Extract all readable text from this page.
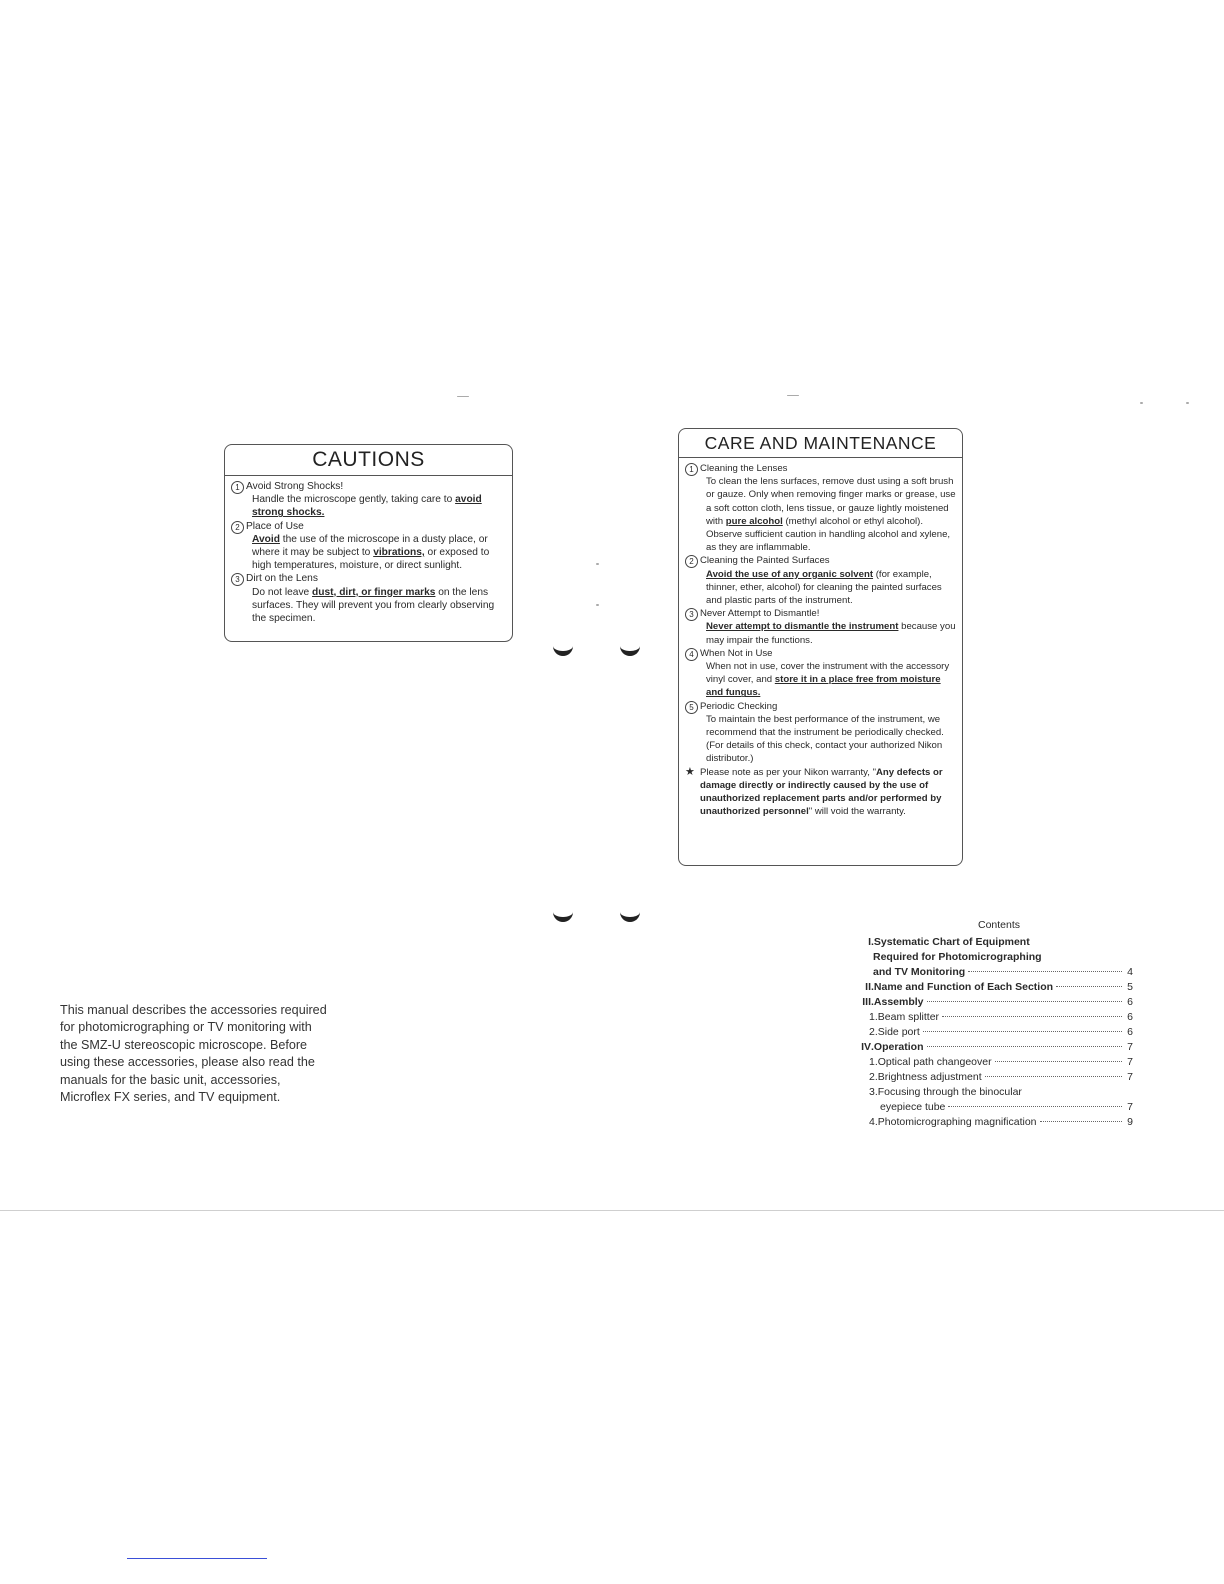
CAUTIONS
1 Avoid Strong Shocks!
Handle the microscope gently, taking care to avoid strong shocks.
2 Place of Use
Avoid the use of the microscope in a dusty place, or where it may be subject to vibrations, or exposed to high temperatures, moisture, or direct sunlight.
3 Dirt on the Lens
Do not leave dust, dirt, or finger marks on the lens surfaces. They will prevent you from clearly observing the specimen.
CARE AND MAINTENANCE
1 Cleaning the Lenses
To clean the lens surfaces, remove dust using a soft brush or gauze. Only when removing finger marks or grease, use a soft cotton cloth, lens tissue, or gauze lightly moistened with pure alcohol (methyl alcohol or ethyl alcohol). Observe sufficient caution in handling alcohol and xylene, as they are inflammable.
2 Cleaning the Painted Surfaces
Avoid the use of any organic solvent (for example, thinner, ether, alcohol) for cleaning the painted surfaces and plastic parts of the instrument.
3 Never Attempt to Dismantle!
Never attempt to dismantle the instrument because you may impair the functions.
4 When Not in Use
When not in use, cover the instrument with the accessory vinyl cover, and store it in a place free from moisture and fungus.
5 Periodic Checking
To maintain the best performance of the instrument, we recommend that the instrument be periodically checked. (For details of this check, contact your authorized Nikon distributor.)
★ Please note as per your Nikon warranty, "Any defects or damage directly or indirectly caused by the use of unauthorized replacement parts and/or performed by unauthorized personnel" will void the warranty.
This manual describes the accessories required for photomicrographing or TV monitoring with the SMZ-U stereoscopic microscope. Before using these accessories, please also read the manuals for the basic unit, accessories, Microflex FX series, and TV equipment.
Contents
I .Systematic Chart of Equipment
Required for Photomicrographing
and TV Monitoring	4
II .Name and Function of Each Section	5
III .Assembly	6
1.Beam splitter	6
2.Side port	6
IV .Operation	7
1.Optical path changeover	7
2.Brightness adjustment	7
3.Focusing through the binocular
eyepiece tube	7
4.Photomicrographing magnification	9
